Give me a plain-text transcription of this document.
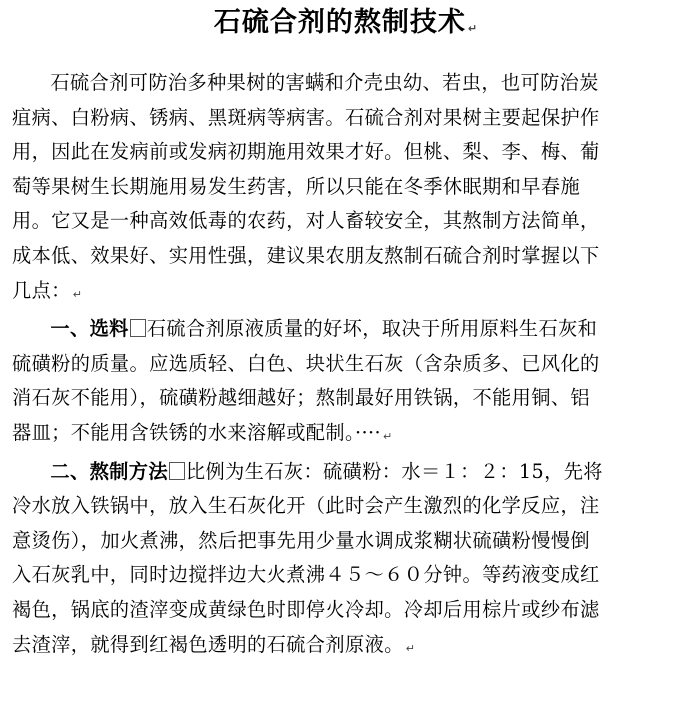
石硫合剂的熬制技术 ↵
石硫合剂可防治多种果树的害螨和介壳虫幼、若虫，也可防治炭
疽病、白粉病、锈病、黑斑病等病害。石硫合剂对果树主要起保护作
用，因此在发病前或发病初期施用效果才好。但桃、梨、李、梅、葡
萄等果树生长期施用易发生药害，所以只能在冬季休眠期和早春施
用。它又是一种高效低毒的农药，对人畜较安全，其熬制方法简单，
成本低、效果好、实用性强，建议果农朋友熬制石硫合剂时掌握以下
几点： ↵
一、选料 石硫合剂原液质量的好坏，取决于所用原料生石灰和
硫磺粉的质量。应选质轻、白色、块状生石灰（含杂质多、已风化的
消石灰不能用），硫磺粉越细越好；熬制最好用铁锅，不能用铜、铝
器皿；不能用含铁锈的水来溶解或配制。···· ↵
二、熬制方法 比例为生石灰：硫磺粉：水＝１：２：15，先将
冷水放入铁锅中，放入生石灰化开（此时会产生激烈的化学反应，注
意烫伤），加火煮沸，然后把事先用少量水调成浆糊状硫磺粉慢慢倒
入石灰乳中，同时边搅拌边大火煮沸４５～６０分钟。等药液变成红
褐色，锅底的渣滓变成黄绿色时即停火冷却。冷却后用棕片或纱布滤
去渣滓，就得到红褐色透明的石硫合剂原液。 ↵
